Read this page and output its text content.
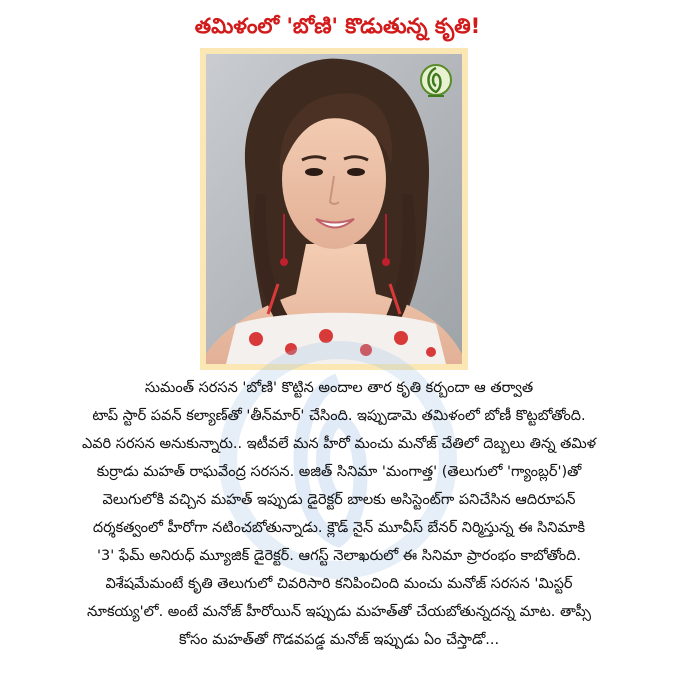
తమిళంలో 'బోణి' కొడుతున్న కృతి!
సుమంత్ సరసన 'బోణి' కొట్టిన అందాల తార కృతి కర్బందా ఆ తర్వాత
టాప్ స్టార్ పవన్ కల్యాణ్‌తో 'తీన్‌మార్' చేసింది. ఇప్పుడామె తమిళంలో బోణీ కొట్టబోతోంది.
ఎవరి సరసన అనుకున్నారు.. ఇటీవలే మన హీరో మంచు మనోజ్ చేతిలో దెబ్బలు తిన్న తమిళ
కుర్రాడు మహత్ రాఘవేంద్ర సరసన. అజిత్ సినిమా 'మంగాత్త' (తెలుగులో 'గ్యాంబ్లర్')తో
వెలుగులోకి వచ్చిన మహత్ ఇప్పుడు డైరెక్టర్ బాలకు అసిస్టెంట్‌గా పనిచేసిన ఆదిరూపన్
దర్శకత్వంలో హీరోగా నటించబోతున్నాడు. క్లౌడ్ నైన్ మూవీస్ బేనర్ నిర్మిస్తున్న ఈ సినిమాకి
'3' ఫేమ్ అనిరుధ్ మ్యూజిక్ డైరెక్టర్. ఆగస్ట్ నెలాఖరులో ఈ సినిమా ప్రారంభం కాబోతోంది.
విశేషమేమంటే కృతి తెలుగులో చివరిసారి కనిపించింది మంచు మనోజ్ సరసన 'మిస్టర్
నూకయ్య'లో. అంటే మనోజ్ హీరోయిన్ ఇప్పుడు మహత్‌తో చేయబోతున్నదన్న మాట. తాప్సీ
కోసం మహత్‌తో గొడవపడ్డ మనోజ్ ఇప్పుడు ఏం చేస్తాడో...
